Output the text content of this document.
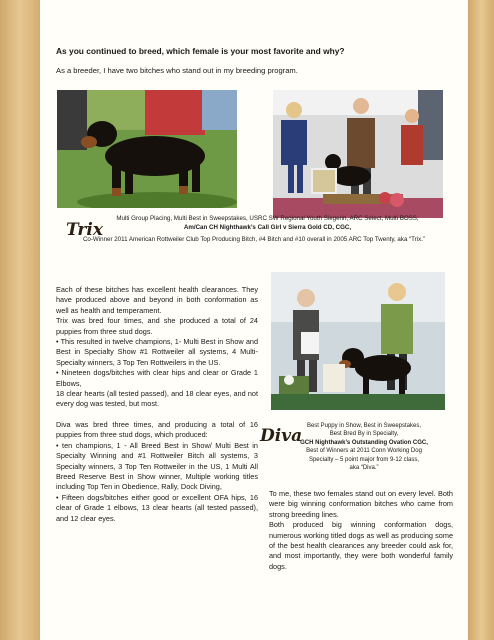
As you continued to breed, which female is your most favorite and why?

As a breeder, I have two bitches who stand out in my breeding program.

Trix
Multi Group Placing, Multi Best in Sweepstakes, USRC SW Regional Youth Siegerin, ARC Select, Multi BOSS,
Am/Can CH Nighthawk’s Call Girl v Sierra Gold CD, CGC,
Co-Winner 2011 American Rottweiler Club Top Producing Bitch, #4 Bitch and #10 overall in 2005 ARC Top Twenty, aka “Trix.”

Each of these bitches has excellent health clearances. They have produced above and beyond in both conformation as well as health and temperament.

Trix was bred four times, and she produced a total of 24 puppies from three stud dogs.

• This resulted in twelve champions, 1- Multi Best in Show and Best in Specialty Show #1 Rottweiler all systems, 4 Multi-Specialty winners, 3 Top Ten Rottweilers in the US.

• Nineteen dogs/bitches with clear hips and clear or Grade 1 Elbows,

18 clear hearts (all tested passed), and 18 clear eyes, and not every dog was tested, but most.

Diva was bred three times, and producing a total of 16 puppies from three stud dogs, which produced:

• ten champions, 1 - All Breed Best in Show/ Multi Best in Specialty Winning and #1 Rottweiler Bitch all systems, 3 Specialty winners, 3 Top Ten Rottweiler in the US, 1 Multi All Breed Reserve Best in Show winner, Multiple working titles including Top Ten in Obedience, Rally, Dock Diving,

• Fifteen dogs/bitches either good or excellent OFA hips, 16 clear of Grade 1 elbows, 13 clear hearts (all tested passed), and 12 clear eyes.

Diva Best Puppy in Show, Best in Sweepstakes,
Best Bred By in Specialty,
GCH Nighthawk’s Outstanding Ovation CGC,
Best of Winners at 2011 Conn Working Dog
Specialty – 5 point major from 9-12 class,
aka “Diva.”

To me, these two females stand out on every level. Both were big winning conformation bitches who came from strong breeding lines.

Both produced big winning conformation dogs, numerous working titled dogs as well as producing some of the best health clearances any breeder could ask for, and most importantly, they were both wonderful family dogs.
